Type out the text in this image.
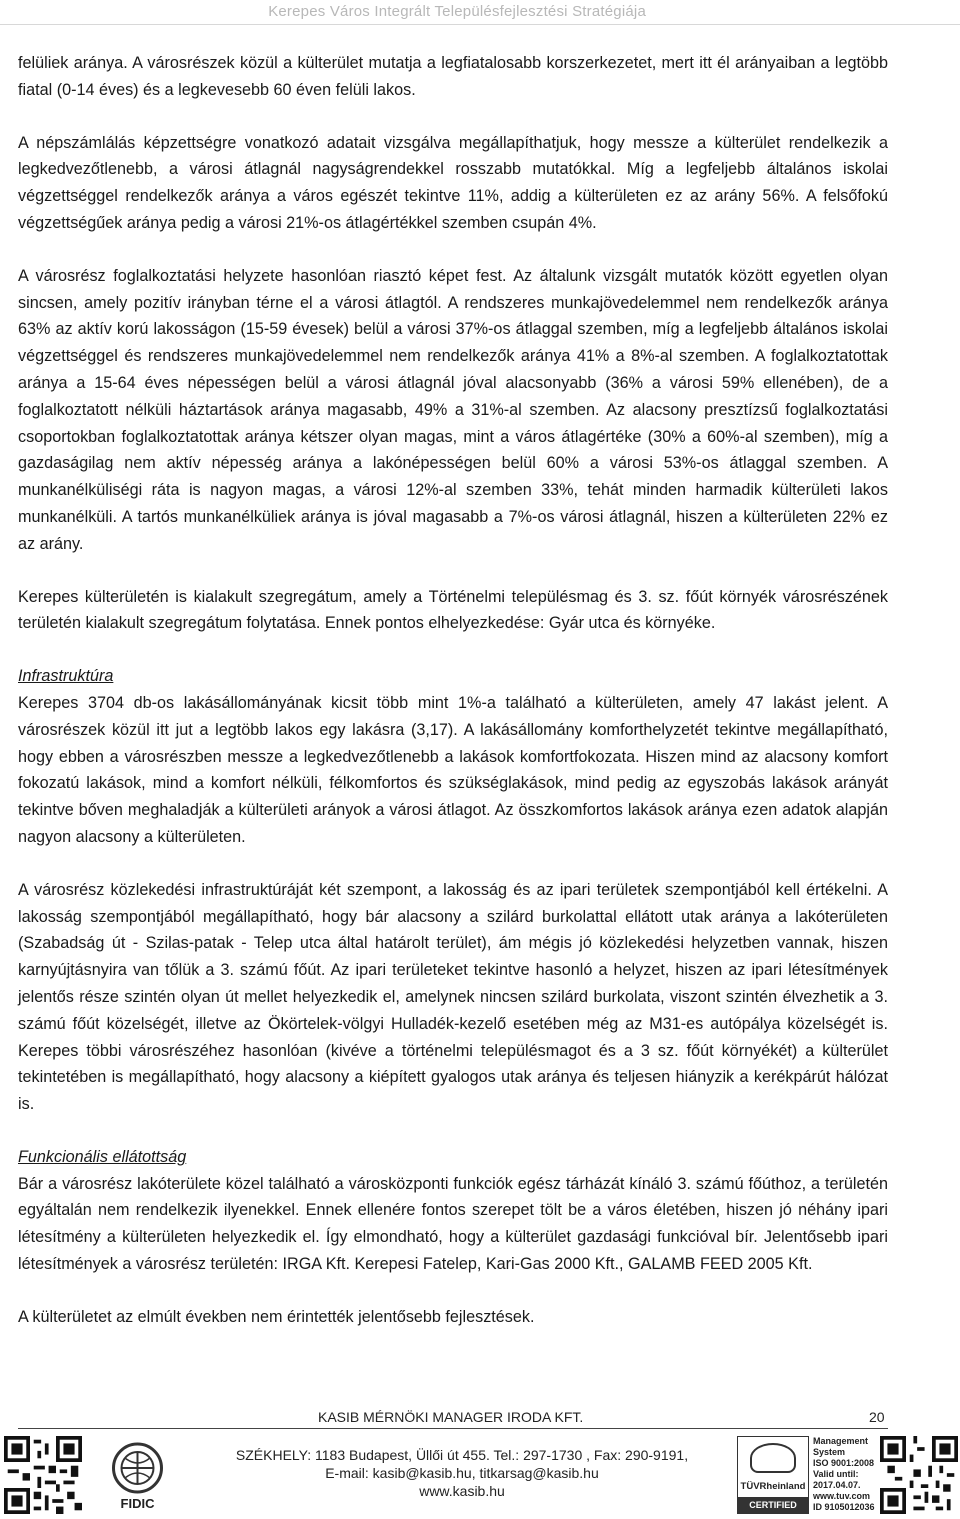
Kerepes Város Integrált Településfejlesztési Stratégiája

felüliek aránya. A városrészek közül a külterület mutatja a legfiatalosabb korszerkezetet, mert itt él arányaiban a legtöbb fiatal (0-14 éves) és a legkevesebb 60 éven felüli lakos.

A népszámlálás képzettségre vonatkozó adatait vizsgálva megállapíthatjuk, hogy messze a külterület rendelkezik a legkedvezőtlenebb, a városi átlagnál nagyságrendekkel rosszabb mutatókkal. Míg a legfeljebb általános iskolai végzettséggel rendelkezők aránya a város egészét tekintve 11%, addig a külterületen ez az arány 56%. A felsőfokú végzettségűek aránya pedig a városi 21%-os átlagértékkel szemben csupán 4%.

A városrész foglalkoztatási helyzete hasonlóan riasztó képet fest. Az általunk vizsgált mutatók között egyetlen olyan sincsen, amely pozitív irányban térne el a városi átlagtól. A rendszeres munkajövedelemmel nem rendelkezők aránya 63% az aktív korú lakosságon (15-59 évesek) belül a városi 37%-os átlaggal szemben, míg a legfeljebb általános iskolai végzettséggel és rendszeres munkajövedelemmel nem rendelkezők aránya 41% a 8%-al szemben. A foglalkoztatottak aránya a 15-64 éves népességen belül a városi átlagnál jóval alacsonyabb (36% a városi 59% ellenében), de a foglalkoztatott nélküli háztartások aránya magasabb, 49% a 31%-al szemben. Az alacsony presztízsű foglalkoztatási csoportokban foglalkoztatottak aránya kétszer olyan magas, mint a város átlagértéke (30% a 60%-al szemben), míg a gazdaságilag nem aktív népesség aránya a lakónépességen belül 60% a városi 53%-os átlaggal szemben. A munkanélküliségi ráta is nagyon magas, a városi 12%-al szemben 33%, tehát minden harmadik külterületi lakos munkanélküli. A tartós munkanélküliek aránya is jóval magasabb a 7%-os városi átlagnál, hiszen a külterületen 22% ez az arány.

Kerepes külterületén is kialakult szegregátum, amely a Történelmi településmag és 3. sz. főút környék városrészének területén kialakult szegregátum folytatása. Ennek pontos elhelyezkedése: Gyár utca és környéke.

Infrastruktúra

Kerepes 3704 db-os lakásállományának kicsit több mint 1%-a található a külterületen, amely 47 lakást jelent. A városrészek közül itt jut a legtöbb lakos egy lakásra (3,17). A lakásállomány komforthelyzetét tekintve megállapítható, hogy ebben a városrészben messze a legkedvezőtlenebb a lakások komfortfokozata. Hiszen mind az alacsony komfort fokozatú lakások, mind a komfort nélküli, félkomfortos és szükséglakások, mind pedig az egyszobás lakások arányát tekintve bőven meghaladják a külterületi arányok a városi átlagot. Az összkomfortos lakások aránya ezen adatok alapján nagyon alacsony a külterületen.

A városrész közlekedési infrastruktúráját két szempont, a lakosság és az ipari területek szempontjából kell értékelni. A lakosság szempontjából megállapítható, hogy bár alacsony a szilárd burkolattal ellátott utak aránya a lakóterületen (Szabadság út - Szilas-patak - Telep utca által határolt terület), ám mégis jó közlekedési helyzetben vannak, hiszen karnyújtásnyira van tőlük a 3. számú főút. Az ipari területeket tekintve hasonló a helyzet, hiszen az ipari létesítmények jelentős része szintén olyan út mellet helyezkedik el, amelynek nincsen szilárd burkolata, viszont szintén élvezhetik a 3. számú főút közelségét, illetve az Ökörtelek-völgyi Hulladék-kezelő esetében még az M31-es autópálya közelségét is. Kerepes többi városrészéhez hasonlóan (kivéve a történelmi településmagot és a 3 sz. főút környékét) a külterület tekintetében is megállapítható, hogy alacsony a kiépített gyalogos utak aránya és teljesen hiányzik a kerékpárút hálózat is.

Funkcionális ellátottság

Bár a városrész lakóterülete közel található a városközponti funkciók egész tárházát kínáló 3. számú főúthoz, a területén egyáltalán nem rendelkezik ilyenekkel. Ennek ellenére fontos szerepet tölt be a város életében, hiszen jó néhány ipari létesítmény a külterületen helyezkedik el. Így elmondható, hogy a külterület gazdasági funkcióval bír. Jelentősebb ipari létesítmények a városrész területén: IRGA Kft. Kerepesi Fatelep, Kari-Gas 2000 Kft., GALAMB FEED 2005 Kft.

A külterületet az elmúlt években nem érintették jelentősebb fejlesztések.

KASIB MÉRNÖKI MANAGER IRODA KFT.	20
FIDIC
SZÉKHELY: 1183 Budapest, Üllői út 455. Tel.: 297-1730 , Fax: 290-9191,
E-mail: kasib@kasib.hu, titkarsag@kasib.hu
www.kasib.hu	TÜVRheinland
CERTIFIED
Management
System
ISO 9001:2008
Valid until:
2017.04.07.
www.tuv.com
ID 9105012036
